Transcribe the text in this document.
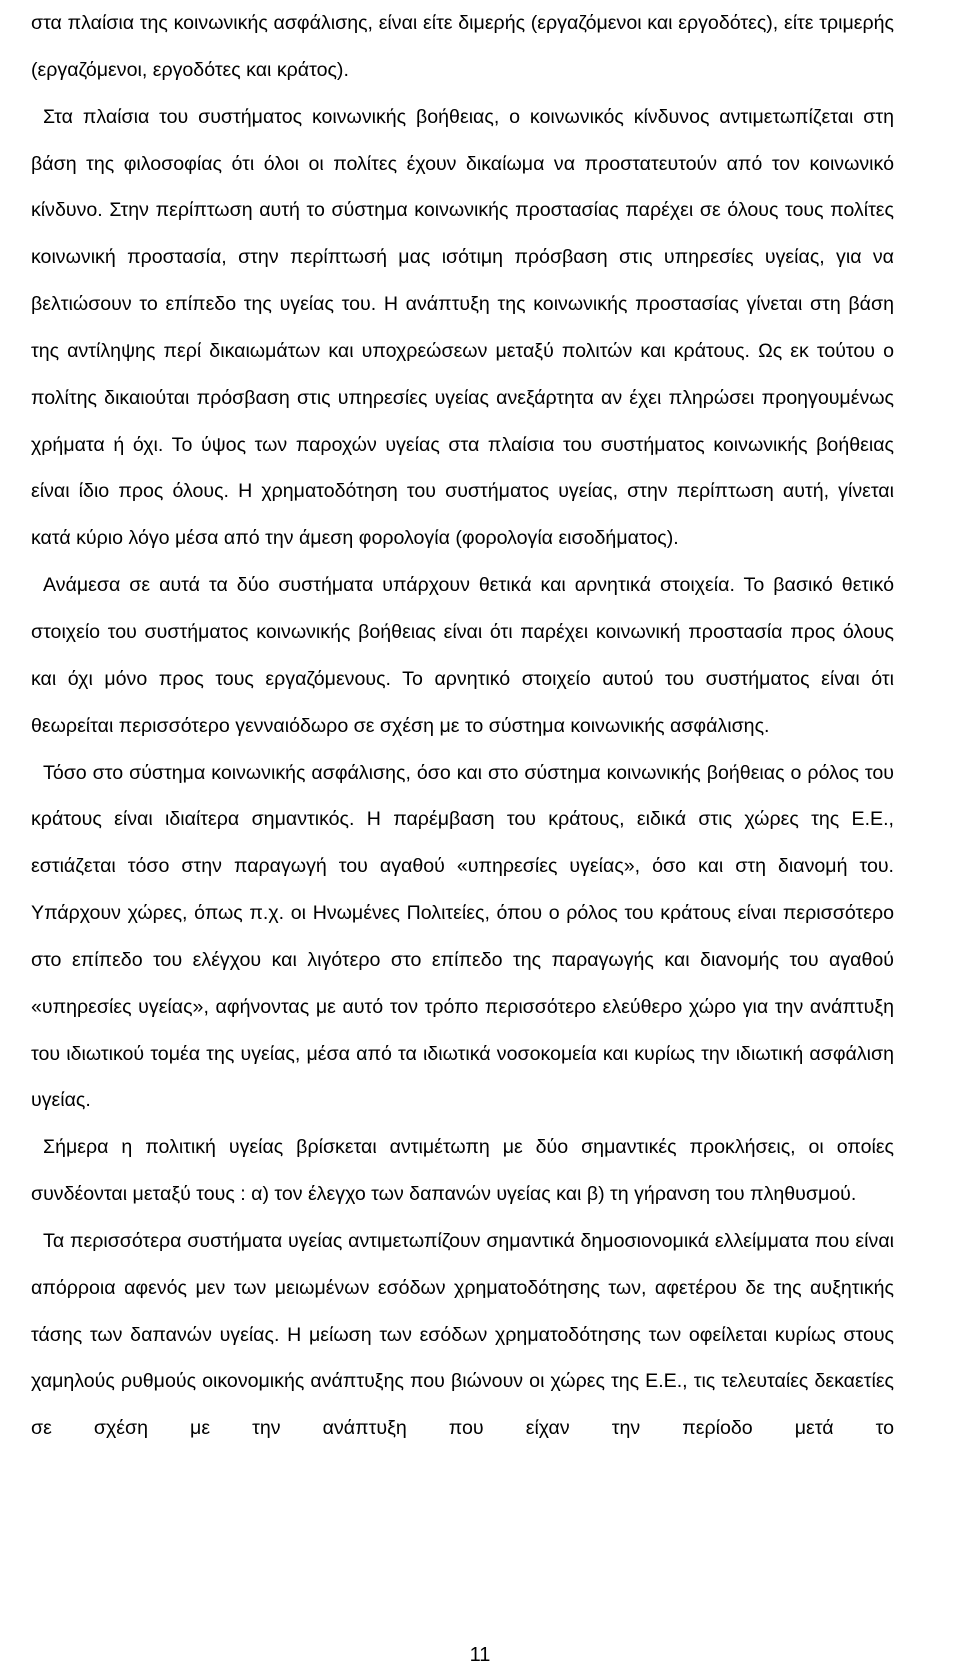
στα πλαίσια της κοινωνικής ασφάλισης, είναι είτε διμερής (εργαζόμενοι και εργοδότες), είτε τριμερής (εργαζόμενοι, εργοδότες και κράτος).

Στα πλαίσια του συστήματος κοινωνικής βοήθειας, ο κοινωνικός κίνδυνος αντιμετωπίζεται στη βάση της φιλοσοφίας ότι όλοι οι πολίτες έχουν δικαίωμα να προστατευτούν από τον κοινωνικό κίνδυνο. Στην περίπτωση αυτή το σύστημα κοινωνικής προστασίας παρέχει σε όλους τους πολίτες κοινωνική προστασία, στην περίπτωσή μας ισότιμη πρόσβαση στις υπηρεσίες υγείας, για να βελτιώσουν το επίπεδο της υγείας του. Η ανάπτυξη της κοινωνικής προστασίας γίνεται στη βάση της αντίληψης περί δικαιωμάτων και υποχρεώσεων μεταξύ πολιτών και κράτους. Ως εκ τούτου ο πολίτης δικαιούται πρόσβαση στις υπηρεσίες υγείας ανεξάρτητα αν έχει πληρώσει προηγουμένως χρήματα ή όχι. Το ύψος των παροχών υγείας στα πλαίσια του συστήματος κοινωνικής βοήθειας είναι ίδιο προς όλους. Η χρηματοδότηση του συστήματος υγείας, στην περίπτωση αυτή, γίνεται κατά κύριο λόγο μέσα από την άμεση φορολογία (φορολογία εισοδήματος).

Ανάμεσα σε αυτά τα δύο συστήματα υπάρχουν θετικά και αρνητικά στοιχεία. Το βασικό θετικό στοιχείο του συστήματος κοινωνικής βοήθειας είναι ότι παρέχει κοινωνική προστασία προς όλους και όχι μόνο προς τους εργαζόμενους. Το αρνητικό στοιχείο αυτού του συστήματος είναι ότι θεωρείται περισσότερο γενναιόδωρο σε σχέση με το σύστημα κοινωνικής ασφάλισης.

Τόσο στο σύστημα κοινωνικής ασφάλισης, όσο και στο σύστημα κοινωνικής βοήθειας ο ρόλος του κράτους είναι ιδιαίτερα σημαντικός. Η παρέμβαση του κράτους, ειδικά στις χώρες της Ε.Ε., εστιάζεται τόσο στην παραγωγή του αγαθού «υπηρεσίες υγείας», όσο και στη διανομή του. Υπάρχουν χώρες, όπως π.χ. οι Ηνωμένες Πολιτείες, όπου ο ρόλος του κράτους είναι περισσότερο στο επίπεδο του ελέγχου και λιγότερο στο επίπεδο της παραγωγής και διανομής του αγαθού «υπηρεσίες υγείας», αφήνοντας με αυτό τον τρόπο περισσότερο ελεύθερο χώρο για την ανάπτυξη του ιδιωτικού τομέα της υγείας, μέσα από τα ιδιωτικά νοσοκομεία και κυρίως την ιδιωτική ασφάλιση υγείας.

Σήμερα η πολιτική υγείας βρίσκεται αντιμέτωπη με δύο σημαντικές προκλήσεις, οι οποίες συνδέονται μεταξύ τους : α) τον έλεγχο των δαπανών υγείας και β) τη γήρανση του πληθυσμού.

Τα περισσότερα συστήματα υγείας αντιμετωπίζουν σημαντικά δημοσιονομικά ελλείμματα που είναι απόρροια αφενός μεν των μειωμένων εσόδων χρηματοδότησης των, αφετέρου δε της αυξητικής τάσης των δαπανών υγείας. Η μείωση των εσόδων χρηματοδότησης των οφείλεται κυρίως στους χαμηλούς ρυθμούς οικονομικής ανάπτυξης που βιώνουν οι χώρες της Ε.Ε., τις τελευταίες δεκαετίες σε σχέση με την ανάπτυξη που είχαν την περίοδο μετά το

11
